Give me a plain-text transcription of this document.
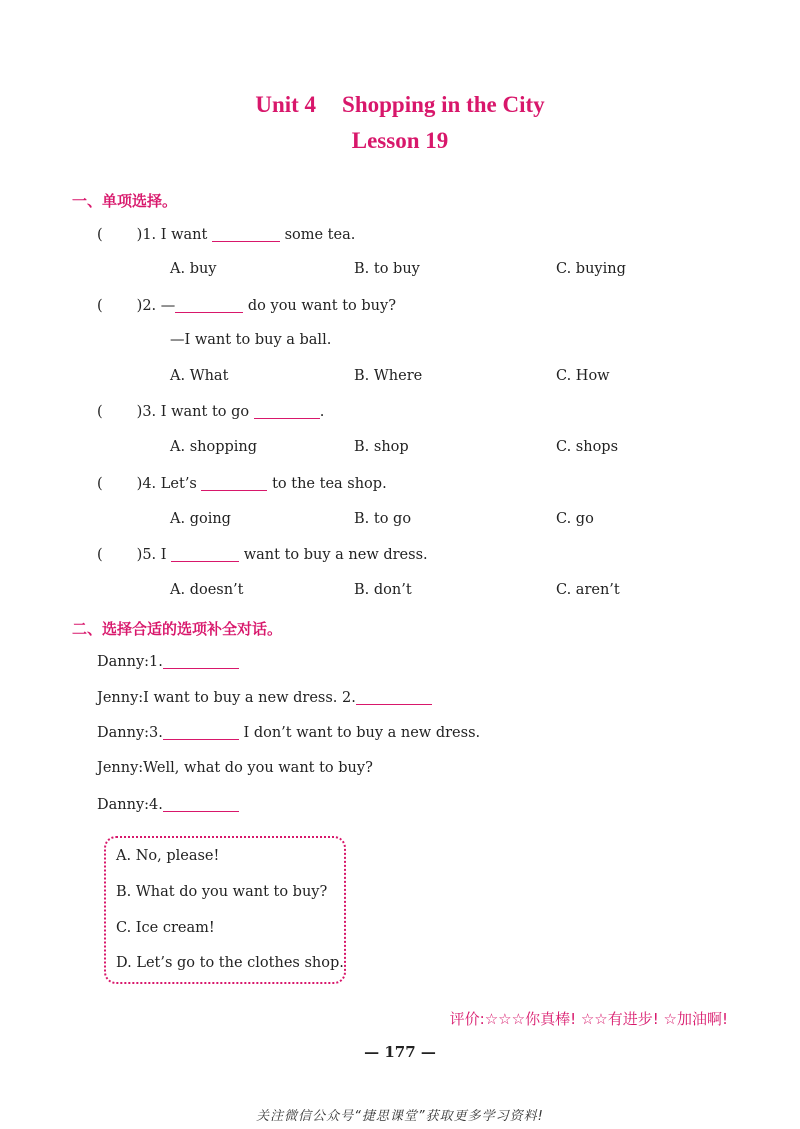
Unit 4 Shopping in the City
Lesson 19
一、单项选择。
( )1. I want	some tea.
A. buy	B. to buy	C. buying
( )2. —	do you want to buy?
—I want to buy a ball.
A. What	B. Where	C. How
( )3. I want to go	.
A. shopping	B. shop	C. shops
( )4. Let’s	to the tea shop.
A. going	B. to go	C. go
( )5. I	want to buy a new dress.
A. doesn’t	B. don’t	C. aren’t
二、选择合适的选项补全对话。
Danny:1.
Jenny:I want to buy a new dress. 2.
Danny:3.	I don’t want to buy a new dress.
Jenny:Well, what do you want to buy?
Danny:4.
A. No, please!
B. What do you want to buy?
C. Ice cream!
D. Let’s go to the clothes shop.
评价:☆☆☆你真棒! ☆☆有进步! ☆加油啊!
— 177 —
关注微信公众号“捷思课堂”获取更多学习资料!
